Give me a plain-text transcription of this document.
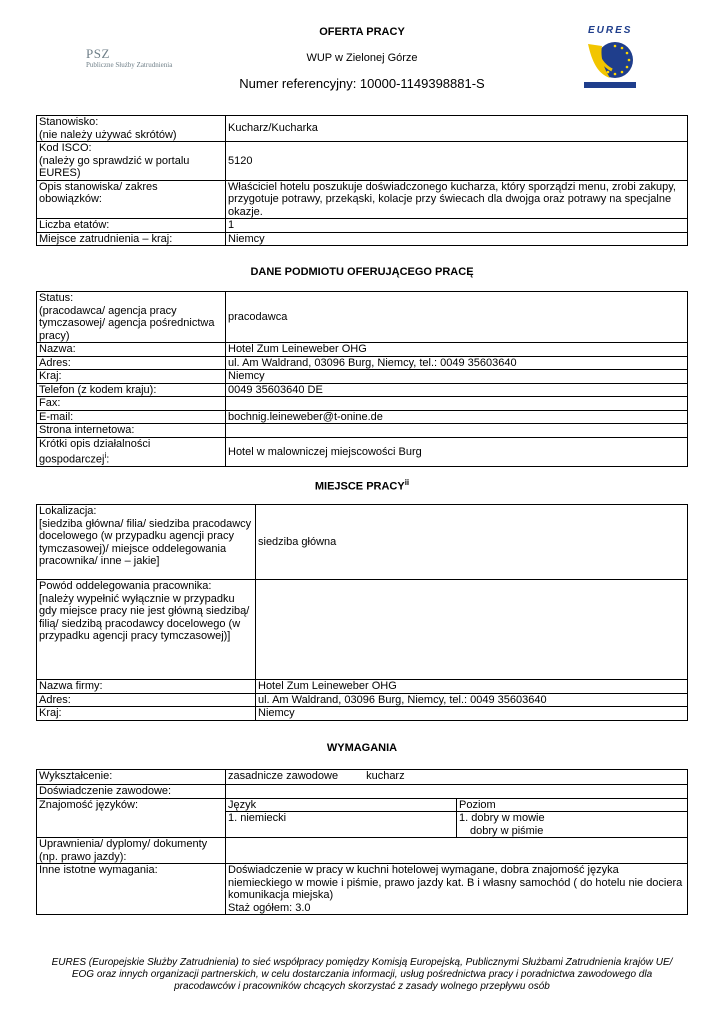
OFERTA PRACY
WUP w Zielonej Górze
Numer referencyjny: 10000-1149398881-S
PSZ
Publiczne Służby Zatrudnienia
EURES
Stanowisko:
(nie należy używać skrótów)	Kucharz/Kucharka
Kod ISCO:
(należy go sprawdzić w portalu EURES)	5120
Opis stanowiska/ zakres obowiązków:	Właściciel hotelu poszukuje doświadczonego kucharza, który sporządzi menu, zrobi zakupy, przygotuje potrawy, przekąski, kolacje przy świecach dla dwojga oraz potrawy na specjalne okazje.
Liczba etatów:	1
Miejsce zatrudnienia – kraj:	Niemcy
DANE PODMIOTU OFERUJĄCEGO PRACĘ
Status:
(pracodawca/ agencja pracy tymczasowej/ agencja pośrednictwa pracy)	pracodawca
Nazwa:	Hotel Zum Leineweber OHG
Adres:	ul. Am Waldrand, 03096 Burg, Niemcy, tel.: 0049 35603640
Kraj:	Niemcy
Telefon (z kodem kraju):	0049 35603640 DE
Fax:	
E-mail:	bochnig.leineweber@t-onine.de
Strona internetowa:	
Krótki opis działalności gospodarczej$^i$:	Hotel w malowniczej miejscowości Burg
MIEJSCE PRACY$^{ii}$
Lokalizacja:
[siedziba główna/ filia/ siedziba pracodawcy docelowego (w przypadku agencji pracy tymczasowej)/ miejsce oddelegowania pracownika/ inne – jakie]	siedziba główna
Powód oddelegowania pracownika:
[należy wypełnić wyłącznie w przypadku gdy miejsce pracy nie jest główną siedzibą/ filią/ siedzibą pracodawcy docelowego (w przypadku agencji pracy tymczasowej)]	
Nazwa firmy:	Hotel Zum Leineweber OHG
Adres:	ul. Am Waldrand, 03096 Burg, Niemcy, tel.: 0049 35603640
Kraj:	Niemcy
WYMAGANIA
Wykształcenie:	zasadnicze zawodowe kucharz	
Doświadczenie zawodowe:		
Znajomość języków:	Język	Poziom
	1. niemiecki	1. dobry w mowie
dobry w piśmie

Uprawnienia/ dyplomy/ dokumenty (np. prawo jazdy):		
Inne istotne wymagania:	Doświadczenie w pracy w kuchni hotelowej wymagane, dobra znajomość języka niemieckiego w mowie i piśmie, prawo jazdy kat. B i własny samochód ( do hotelu nie dociera komunikacja miejska)
Staż ogółem: 3.0	
EURES (Europejskie Służby Zatrudnienia) to sieć współpracy pomiędzy Komisją Europejską, Publicznymi Służbami Zatrudnienia krajów UE/ EOG oraz innych organizacji partnerskich, w celu dostarczania informacji, usług pośrednictwa pracy i poradnictwa zawodowego dla pracodawców i pracowników chcących skorzystać z zasady wolnego przepływu osób
